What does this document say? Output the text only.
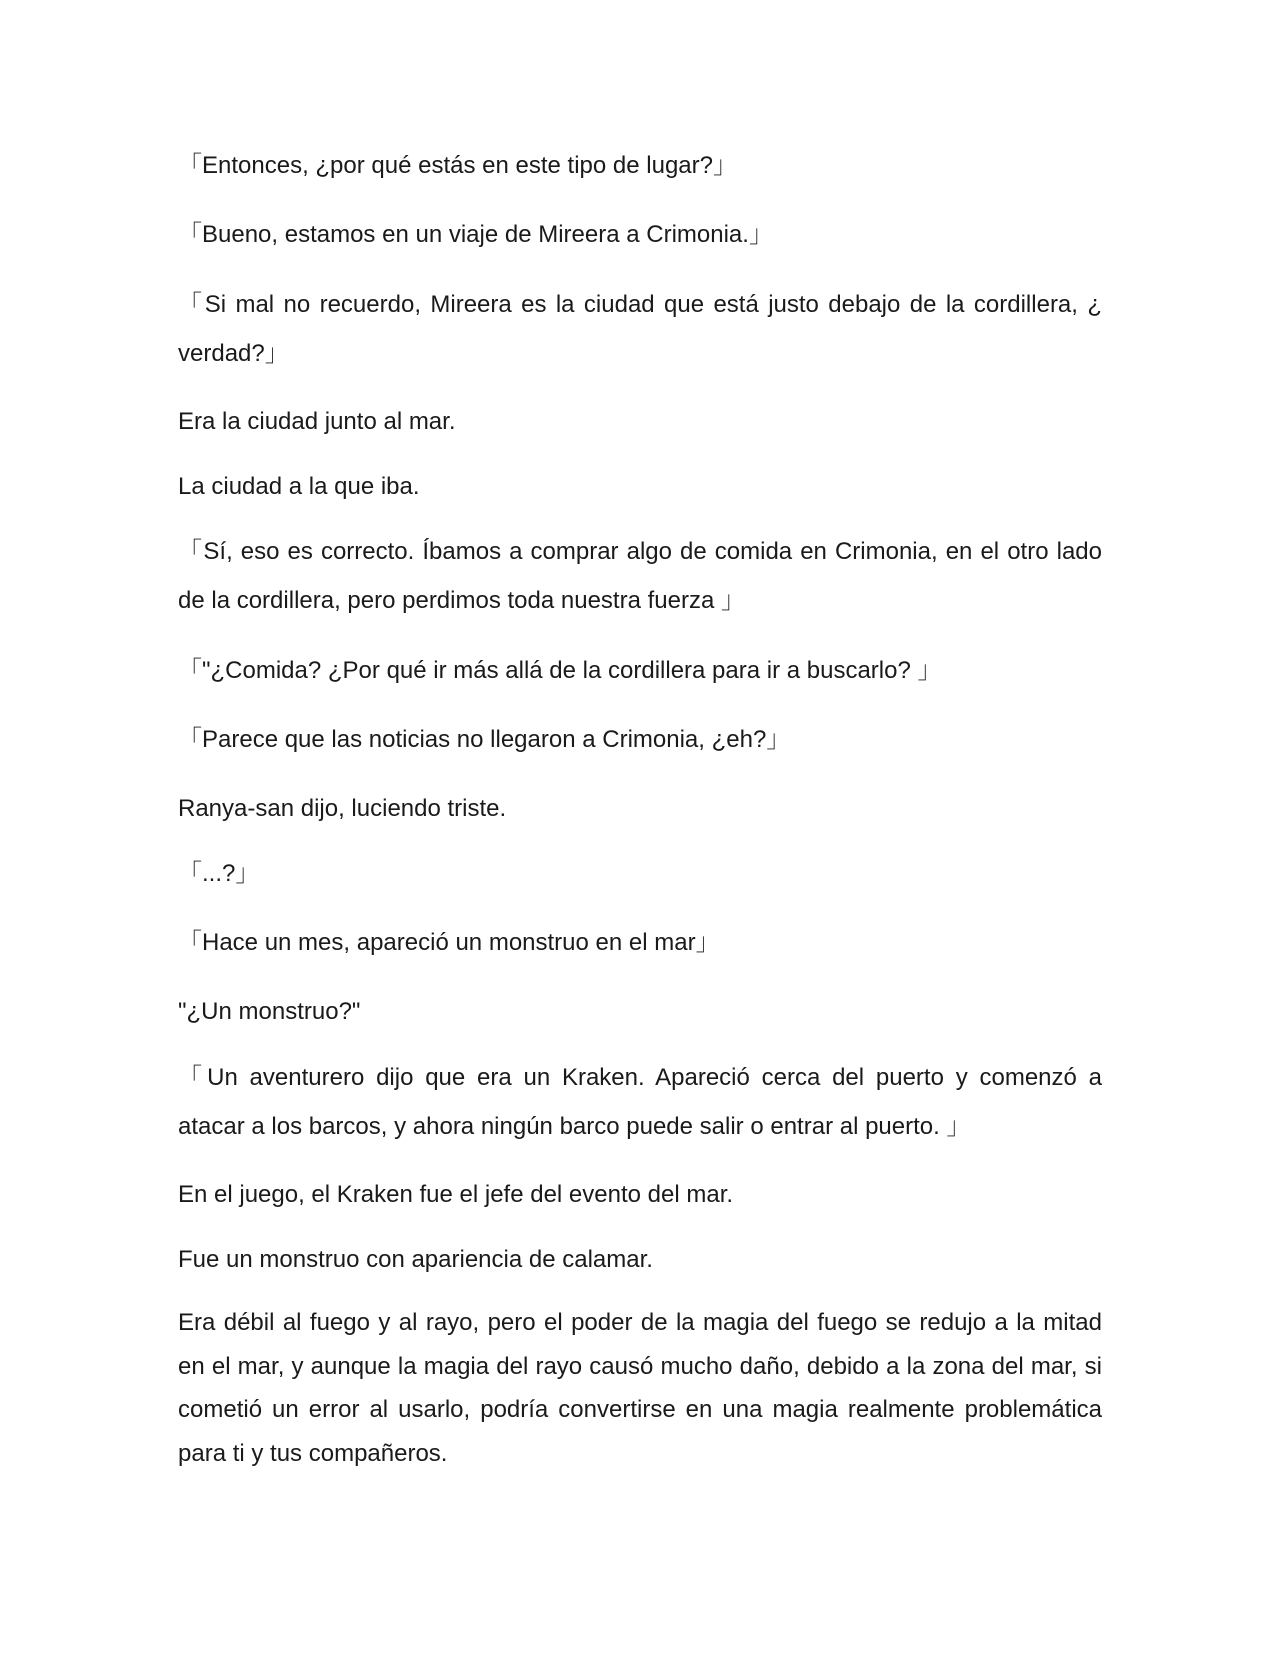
「Entonces, ¿por qué estás en este tipo de lugar?」

「Bueno, estamos en un viaje de Mireera a Crimonia.」

「Si mal no recuerdo, Mireera es la ciudad que está justo debajo de la cordillera, ¿ verdad?」

Era la ciudad junto al mar.

La ciudad a la que iba.

「Sí, eso es correcto. Íbamos a comprar algo de comida en Crimonia, en el otro lado de la cordillera, pero perdimos toda nuestra fuerza 」

「"¿Comida? ¿Por qué ir más allá de la cordillera para ir a buscarlo? 」

「Parece que las noticias no llegaron a Crimonia, ¿eh?」

Ranya-san dijo, luciendo triste.

「...?」

「Hace un mes, apareció un monstruo en el mar」

"¿Un monstruo?"

「Un aventurero dijo que era un Kraken. Apareció cerca del puerto y comenzó a atacar a los barcos, y ahora ningún barco puede salir o entrar al puerto. 」

En el juego, el Kraken fue el jefe del evento del mar.

Fue un monstruo con apariencia de calamar.

Era débil al fuego y al rayo, pero el poder de la magia del fuego se redujo a la mitad en el mar, y aunque la magia del rayo causó mucho daño, debido a la zona del mar, si cometió un error al usarlo, podría convertirse en una magia realmente problemática para ti y tus compañeros.
